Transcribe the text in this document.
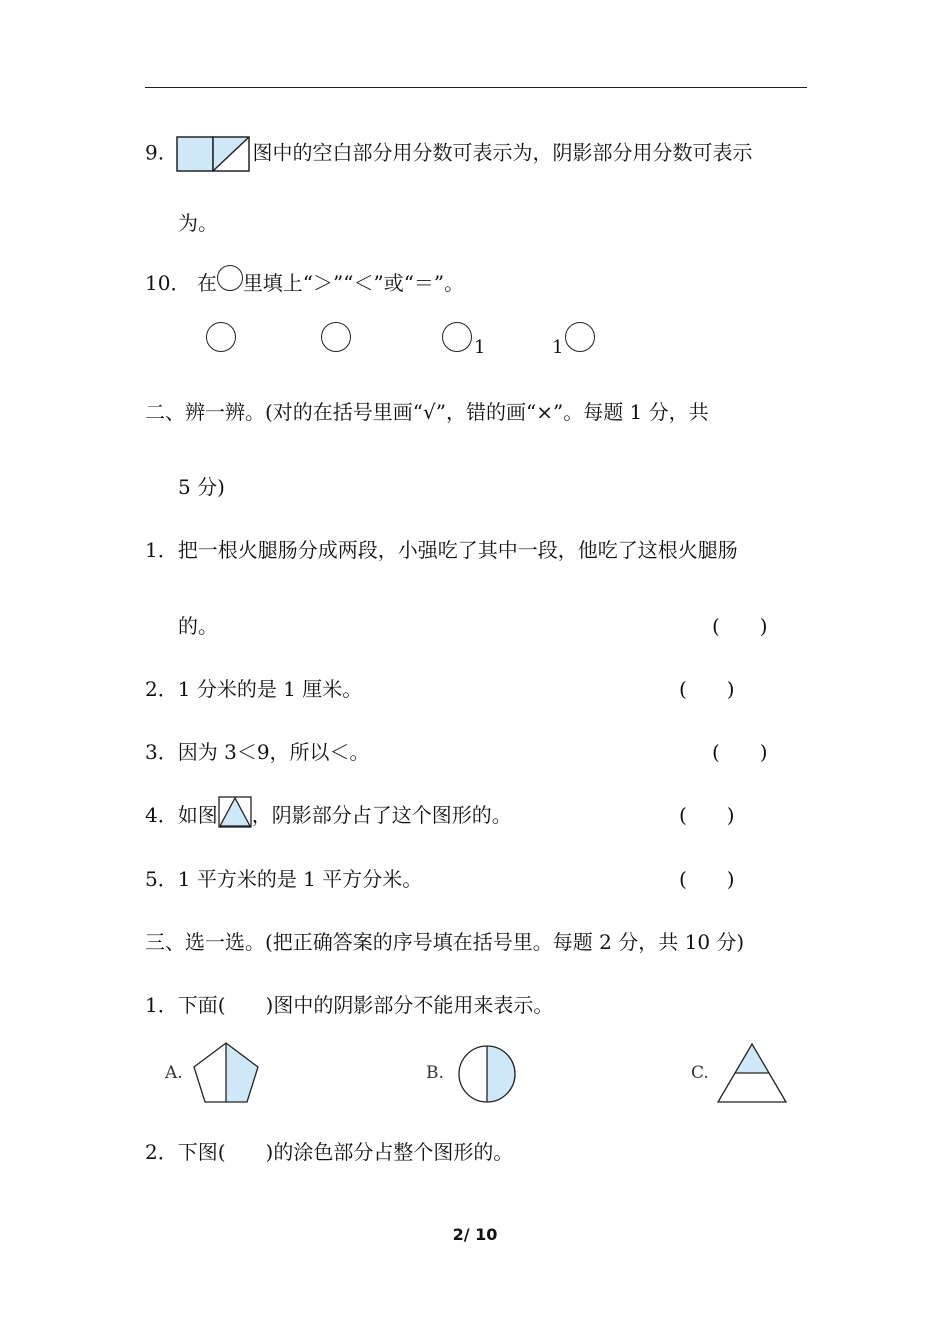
9.	图中的空白部分用分数可表示为，阴影部分用分数可表示
为。
10． 在 里填上“＞”“＜”或“＝”。
1	1
二、辨一辨。(对的在括号里画“√”，错的画“×”。每题 1 分，共
5 分)
1．把一根火腿肠分成两段，小强吃了其中一段，他吃了这根火腿肠
的。	(　　)
2．1 分米的是 1 厘米。	(　　)
3．因为 3＜9，所以＜。	(　　)
4．如图 ，阴影部分占了这个图形的。	(　　)
5．1 平方米的是 1 平方分米。	(　　)
三、选一选。(把正确答案的序号填在括号里。每题 2 分，共 10 分)
1．下面(　　)图中的阴影部分不能用来表示。
A.	B.	C.
2．下图(　　)的涂色部分占整个图形的。
2/ 10
